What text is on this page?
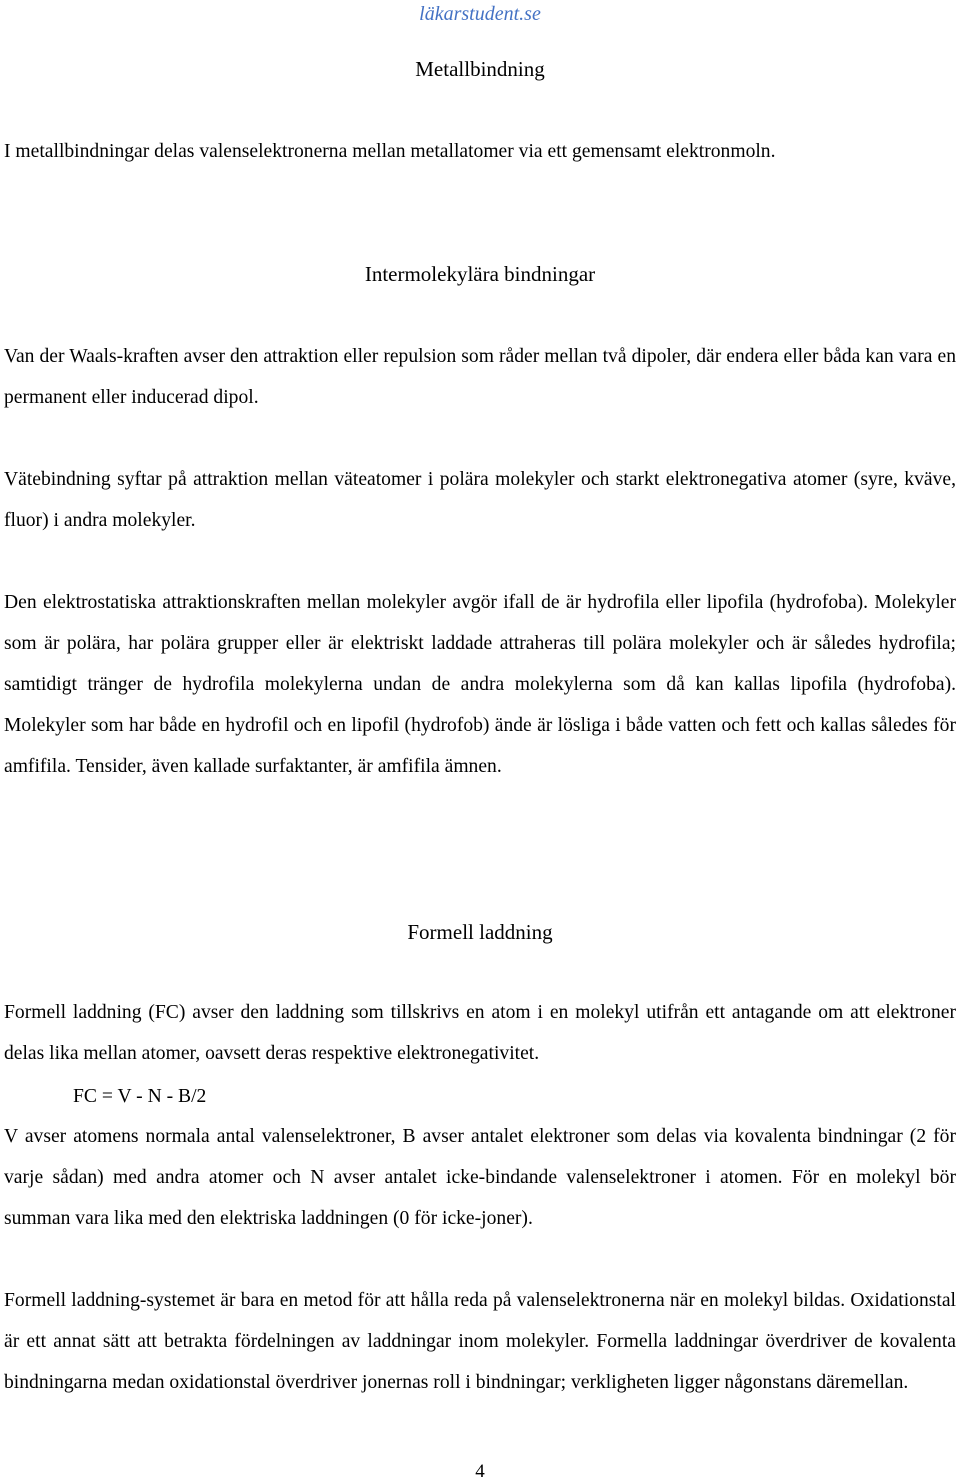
läkarstudent.se
Metallbindning

I metallbindningar delas valenselektronerna mellan metallatomer via ett gemensamt elektronmoln.

Intermolekylära bindningar

Van der Waals-kraften avser den attraktion eller repulsion som råder mellan två dipoler, där endera eller båda kan vara en permanent eller inducerad dipol.

Vätebindning syftar på attraktion mellan väteatomer i polära molekyler och starkt elektronegativa atomer (syre, kväve, fluor) i andra molekyler.

Den elektrostatiska attraktionskraften mellan molekyler avgör ifall de är hydrofila eller lipofila (hydrofoba). Molekyler som är polära, har polära grupper eller är elektriskt laddade attraheras till polära molekyler och är således hydrofila; samtidigt tränger de hydrofila molekylerna undan de andra molekylerna som då kan kallas lipofila (hydrofoba). Molekyler som har både en hydrofil och en lipofil (hydrofob) ände är lösliga i både vatten och fett och kallas således för amfifila. Tensider, även kallade surfaktanter, är amfifila ämnen.

Formell laddning

Formell laddning (FC) avser den laddning som tillskrivs en atom i en molekyl utifrån ett antagande om att elektroner delas lika mellan atomer, oavsett deras respektive elektronegativitet.

FC = V - N - B/2

V avser atomens normala antal valenselektroner, B avser antalet elektroner som delas via kovalenta bindningar (2 för varje sådan) med andra atomer och N avser antalet icke-bindande valenselektroner i atomen. För en molekyl bör summan vara lika med den elektriska laddningen (0 för icke-joner).

Formell laddning-systemet är bara en metod för att hålla reda på valenselektronerna när en molekyl bildas. Oxidationstal är ett annat sätt att betrakta fördelningen av laddningar inom molekyler. Formella laddningar överdriver de kovalenta bindningarna medan oxidationstal överdriver jonernas roll i bindningar; verkligheten ligger någonstans däremellan.

4
